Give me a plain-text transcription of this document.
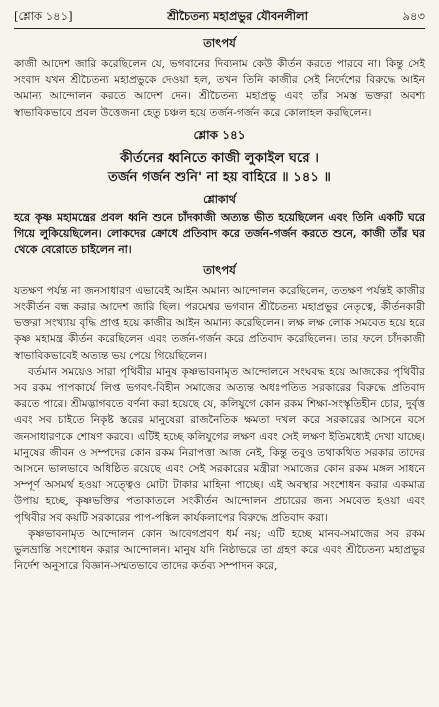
[শ্লোক ১৪১]	শ্রীচৈতন্য মহাপ্রভুর যৌবনলীলা	৯৪৩
তাৎপর্য

কাজী আদেশ জারি করেছিলেন যে, ভগবানের দিব্যনাম কেউ কীর্তন করতে পারবে না। কিন্তু সেই সংবাদ যখন শ্রীচৈতন্য মহাপ্রভুকে দেওয়া হল, তখন তিনি কাজীর সেই নির্দেশের বিরুদ্ধে আইন অমান্য আন্দোলন করতে আদেশ দেন। শ্রীচৈতন্য মহাপ্রভু এবং তাঁর সমস্ত ভক্তরা অবশ্য স্বাভাবিকভাবে প্রবল উত্তেজনা হেতু চঞ্চল হয়ে তর্জন-গর্জন করে কোলাহল করছিলেন।

শ্লোক ১৪১

কীর্তনের ধ্বনিতে কাজী লুকাইল ঘরে ।

তর্জন গর্জন শুনি' না হয় বাহিরে ॥ ১৪১ ॥

শ্লোকার্থ

হরে কৃষ্ণ মহামন্ত্রের প্রবল ধ্বনি শুনে চাঁদকাজী অত্যন্ত ভীত হয়েছিলেন এবং তিনি একটি ঘরে গিয়ে লুকিয়েছিলেন। লোকদের ক্রোধে প্রতিবাদ করে তর্জন-গর্জন করতে শুনে, কাজী তাঁর ঘর থেকে বেরোতে চাইলেন না।

তাৎপর্য

যতক্ষণ পর্যন্ত না জনসাধারণ এভাবেই আইন অমান্য আন্দোলন করেছিলেন, ততক্ষণ পর্যন্তই কাজীর সংকীর্তন বন্ধ করার আদেশ জারি ছিল। পরমেশ্বর ভগবান শ্রীচৈতন্য মহাপ্রভুর নেতৃত্বে, কীর্তনকারী ভক্তরা সংখ্যায় বৃদ্ধি প্রাপ্ত হয়ে কাজীর আইন অমান্য করেছিলেন। লক্ষ লক্ষ লোক সমবেত হয়ে হরে কৃষ্ণ মহামন্ত্র কীর্তন করেছিলেন এবং তর্জন-গর্জন করে প্রতিবাদ করেছিলেন। তার ফলে চাঁদকাজী স্বাভাবিকভাবেই অত্যন্ত ভয় পেয়ে গিয়েছিলেন।

বর্তমান সময়েও সারা পৃথিবীর মানুষ কৃষ্ণভাবনামৃত আন্দোলনে সংঘবদ্ধ হয়ে আজকের পৃথিবীর সব রকম পাপকার্যে লিপ্ত ভগবৎ-বিহীন সমাজের অত্যন্ত অধঃপতিত সরকারের বিরুদ্ধে প্রতিবাদ করতে পারে। শ্রীমদ্ভাগবতে বর্ণনা করা হয়েছে যে, কলিযুগে কোন রকম শিক্ষা-সংস্কৃতিহীন চোর, দুর্বৃত্ত এবং সব চাইতে নিকৃষ্ট স্তরের মানুষেরা রাজনৈতিক ক্ষমতা দখল করে সরকারের আসনে বসে জনসাধারণকে শোষণ করবে। এটিই হচ্ছে কলিযুগের লক্ষণ এবং সেই লক্ষণ ইতিমধ্যেই দেখা যাচ্ছে। মানুষের জীবন ও সম্পদের কোন রকম নিরাপত্তা আজ নেই, কিন্তু তবুও তথাকথিত সরকার তাদের আসনে ভালভাবে অধিষ্ঠিত রয়েছে এবং সেই সরকারের মন্ত্রীরা সমাজের কোন রকম মঙ্গল সাধনে সম্পূর্ণ অসমর্থ হওয়া সত্ত্বেও মোটা টাকার মাহিনা পাচ্ছে। এই অবস্থার সংশোধন করার একমাত্র উপায় হচ্ছে, কৃষ্ণভক্তির পতাকাতলে সংকীর্তন আন্দোলন প্রচারের জন্য সমবেত হওয়া এবং পৃথিবীর সব কয়টি সরকারের পাপ-পঙ্কিল কার্যকলাপের বিরুদ্ধে প্রতিবাদ করা।

কৃষ্ণভাবনামৃত আন্দোলন কোন আবেগপ্রবণ ধর্ম নয়; এটি হচ্ছে মানব-সমাজের সব রকম ভুলভ্রান্তি সংশোধন করার আন্দোলন। মানুষ যদি নিষ্ঠাভরে তা গ্রহণ করে এবং শ্রীচৈতন্য মহাপ্রভুর নির্দেশ অনুসারে বিজ্ঞান-সম্মতভাবে তাদের কর্তব্য সম্পাদন করে,
